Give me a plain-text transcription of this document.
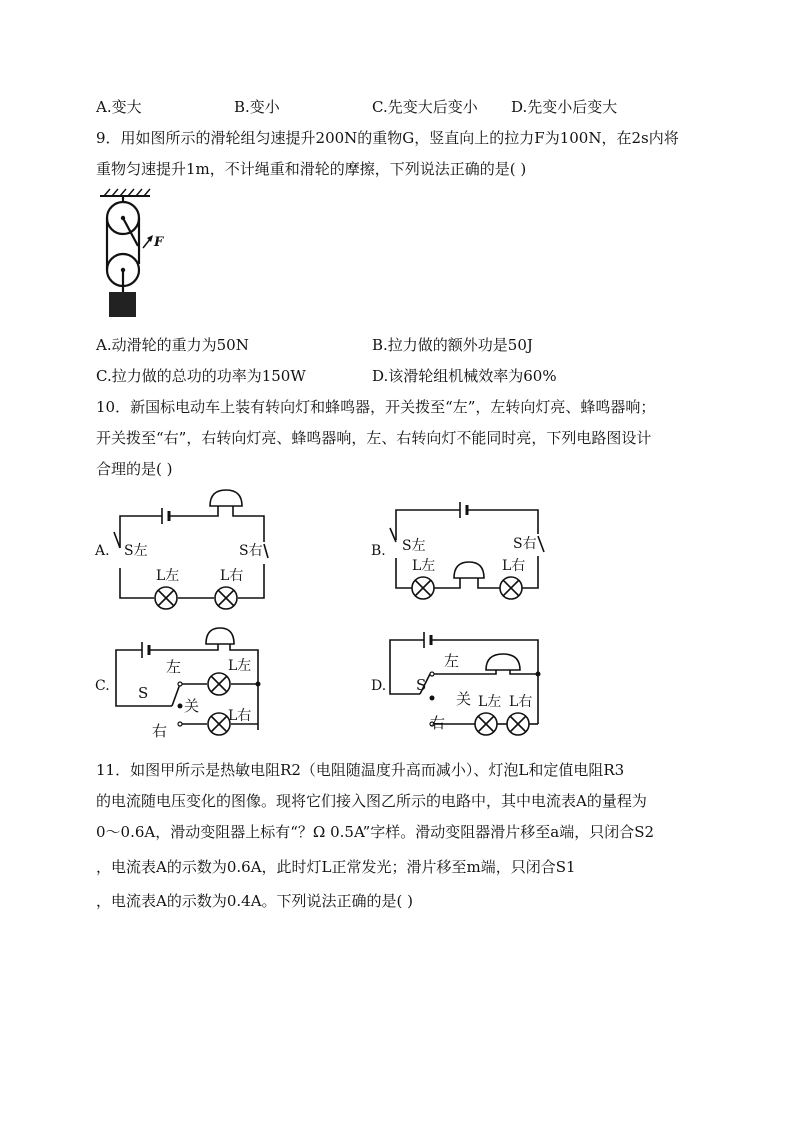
A.变大	B.变小	C.先变大后变小 D.先变小后变大
9．用如图所示的滑轮组匀速提升200N的重物G，竖直向上的拉力F为100N，在2s内将
重物匀速提升1m，不计绳重和滑轮的摩擦，下列说法正确的是( )
F
A.动滑轮的重力为50N	B.拉力做的额外功是50J
C.拉力做的总功的功率为150W	D.该滑轮组机械效率为60%
10．新国标电动车上装有转向灯和蜂鸣器，开关拨至“左”，左转向灯亮、蜂鸣器响；
开关拨至“右”，右转向灯亮、蜂鸣器响，左、右转向灯不能同时亮，下列电路图设计
合理的是( )
A. S左	S右
L左	L右
B. S左	S右
L左	L右
C.
左
S
关
右
L左
L右
D.
左
S
关
右
L左 L右
11．如图甲所示是热敏电阻R2（电阻随温度升高而减小）、灯泡L和定值电阻R3
的电流随电压变化的图像。现将它们接入图乙所示的电路中，其中电流表A的量程为
0～0.6A，滑动变阻器上标有“？Ω 0.5A”字样。滑动变阻器滑片移至a端，只闭合S2
，电流表A的示数为0.6A，此时灯L正常发光；滑片移至m端，只闭合S1
，电流表A的示数为0.4A。下列说法正确的是( )
